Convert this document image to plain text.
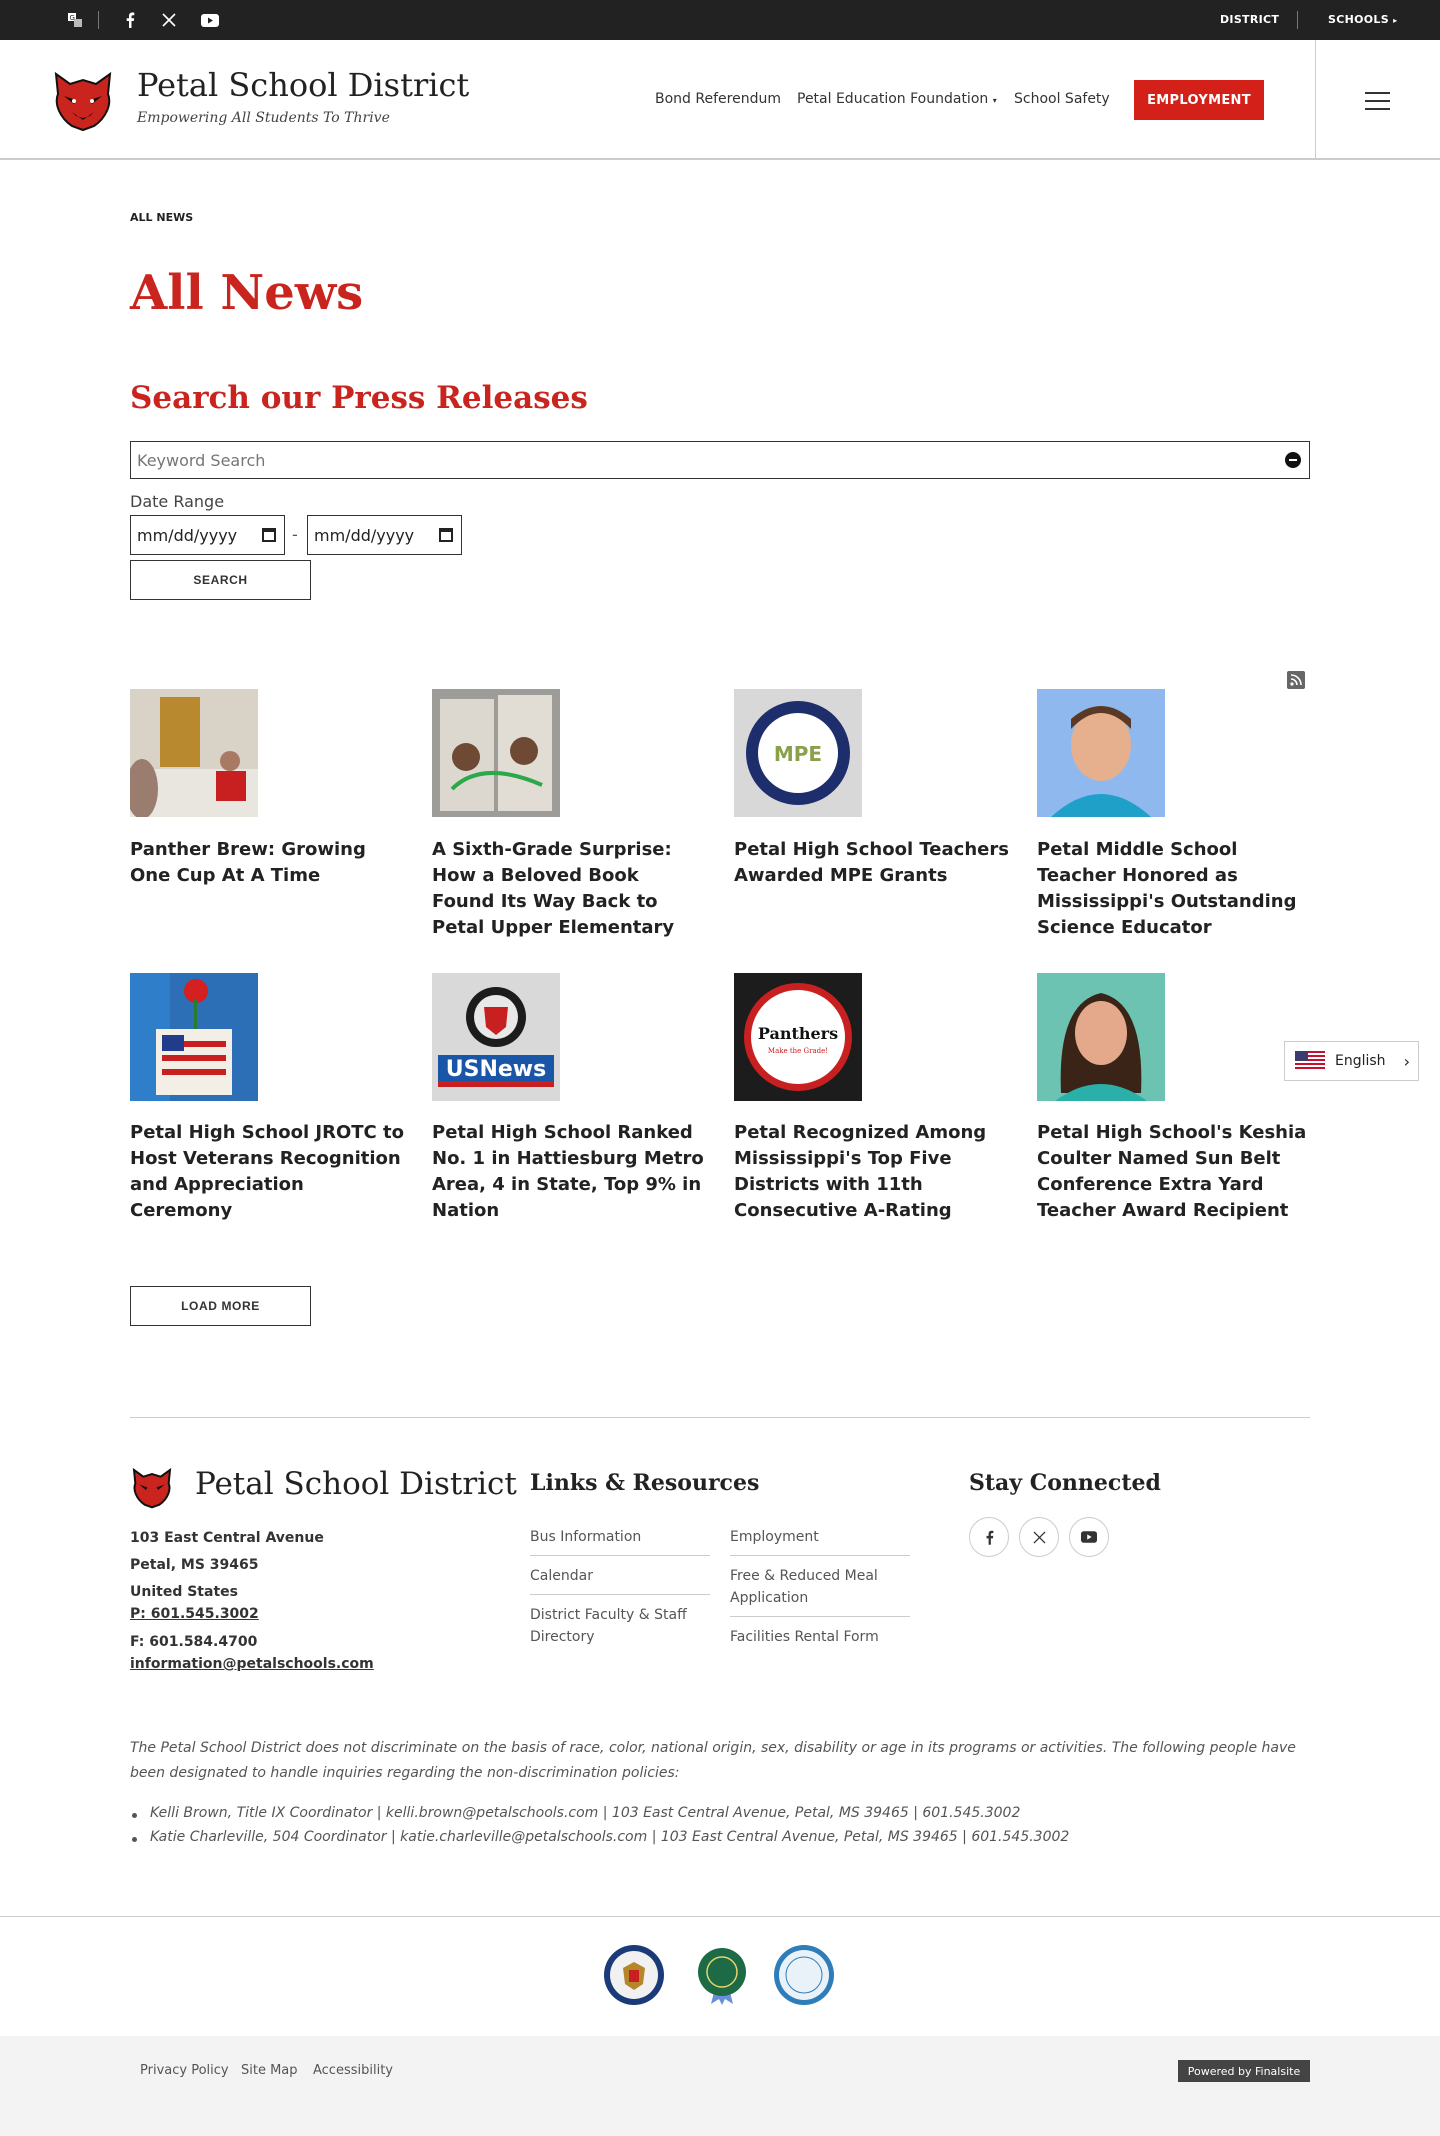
G	DISTRICT	SCHOOLS ▸
Petal School District
Empowering All Students To Thrive
Bond Referendum Petal Education Foundation ▾ School Safety	EMPLOYMENT
ALL NEWS
All News
Search our Press Releases
Keyword Search
Date Range
mm/dd/yyyy	- mm/dd/yyyy
SEARCH
MPE
Panther Brew: Growing One Cup At A Time
A Sixth-Grade Surprise: How a Beloved Book Found Its Way Back to Petal Upper Elementary
Petal High School Teachers Awarded MPE Grants
Petal Middle School Teacher Honored as Mississippi's Outstanding Science Educator
USNews
Panthers
Make the Grade!
Petal High School JROTC to Host Veterans Recognition and Appreciation Ceremony
Petal High School Ranked No. 1 in Hattiesburg Metro Area, 4 in State, Top 9% in Nation
Petal Recognized Among Mississippi's Top Five Districts with 11th Consecutive A-Rating
Petal High School's Keshia Coulter Named Sun Belt Conference Extra Yard Teacher Award Recipient
English ›
LOAD MORE
Petal School District
103 East Central Avenue
Petal, MS 39465
United States
P: 601.545.3002
F: 601.584.4700
information@petalschools.com
Links & Resources
Bus Information
Calendar
District Faculty & Staff Directory
Employment
Free & Reduced Meal Application
Facilities Rental Form
Stay Connected

The Petal School District does not discriminate on the basis of race, color, national origin, sex, disability or age in its programs or activities. The following people have been designated to handle inquiries regarding the non-discrimination policies:

Kelli Brown, Title IX Coordinator | kelli.brown@petalschools.com | 103 East Central Avenue, Petal, MS 39465 | 601.545.3002
Katie Charleville, 504 Coordinator | katie.charleville@petalschools.com | 103 East Central Avenue, Petal, MS 39465 | 601.545.3002
Privacy Policy Site Map Accessibility	Powered by Finalsite
